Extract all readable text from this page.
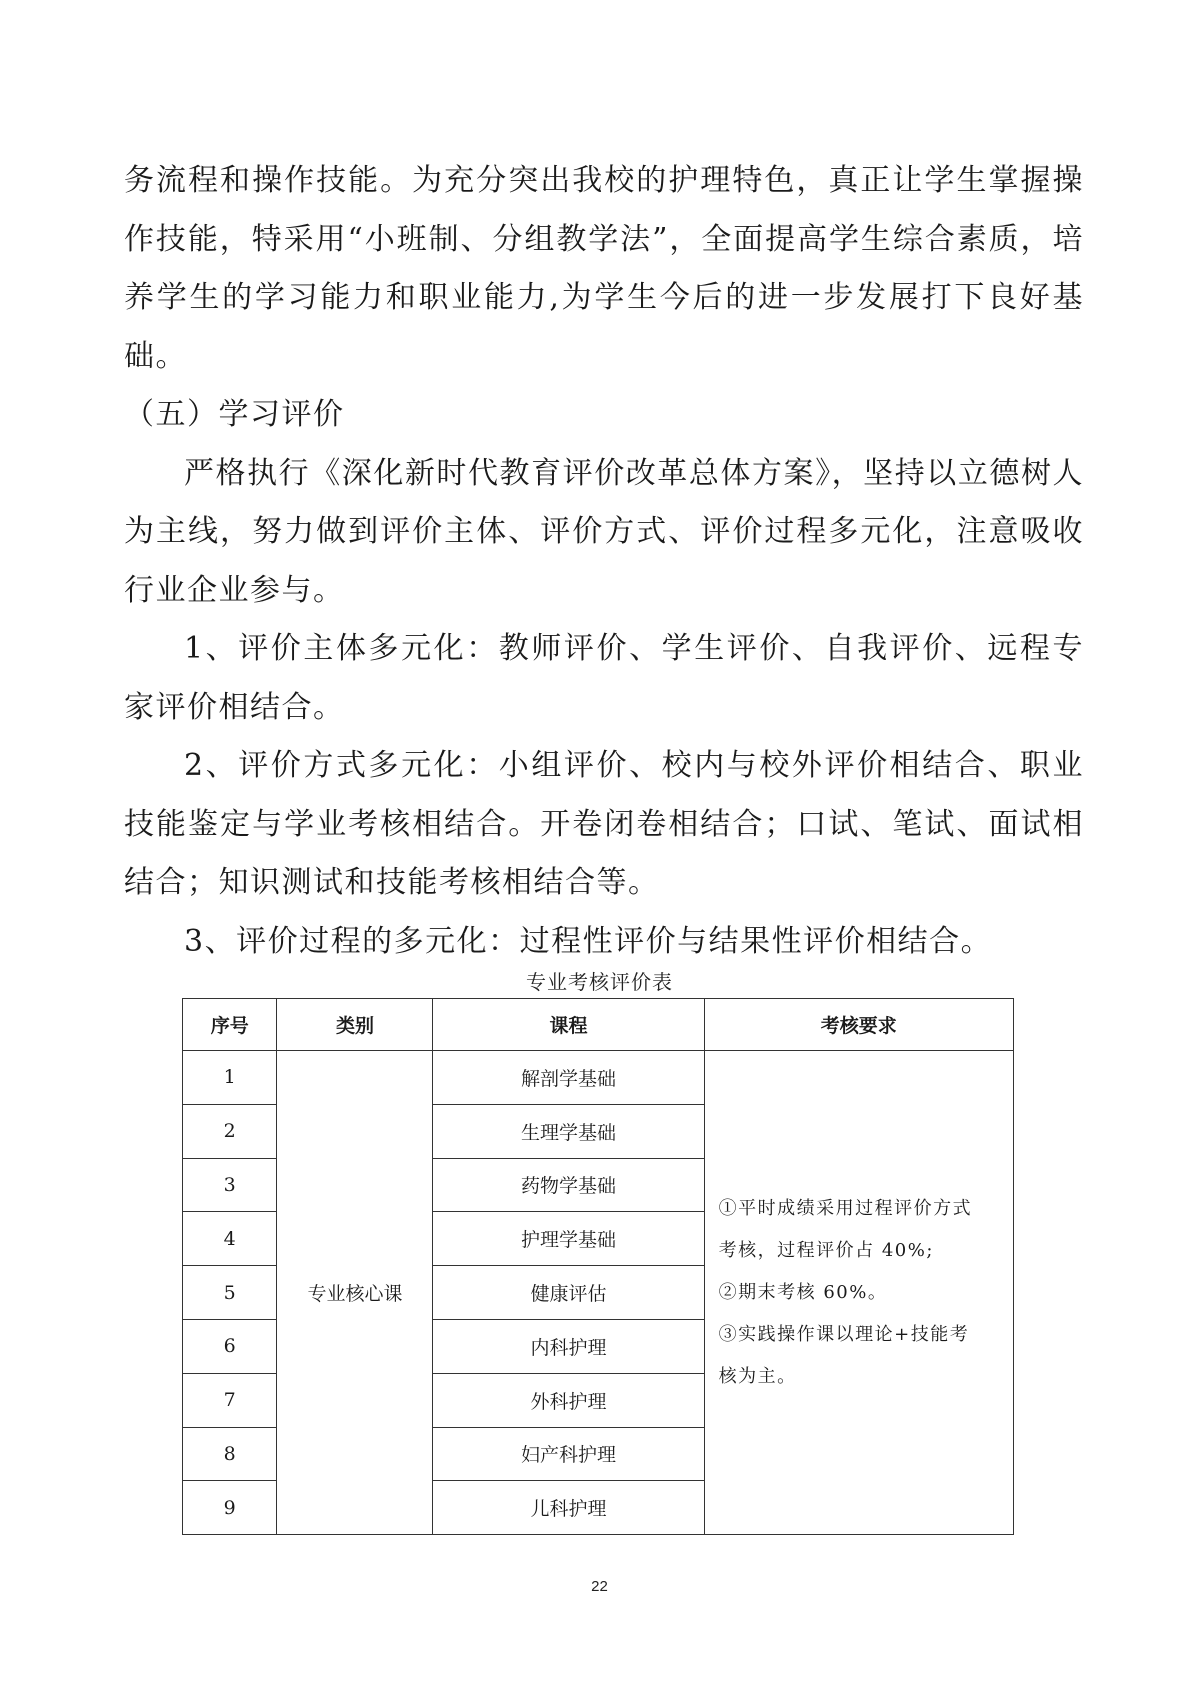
务流程和操作技能。为充分突出我校的护理特色，真正让学生掌握操作技能，特采用“小班制、分组教学法”，全面提高学生综合素质，培养学生的学习能力和职业能力,为学生今后的进一步发展打下良好基础。

（五）学习评价

严格执行《深化新时代教育评价改革总体方案》，坚持以立德树人为主线，努力做到评价主体、评价方式、评价过程多元化，注意吸收行业企业参与。

1、评价主体多元化：教师评价、学生评价、自我评价、远程专家评价相结合。

2、评价方式多元化：小组评价、校内与校外评价相结合、职业技能鉴定与学业考核相结合。开卷闭卷相结合；口试、笔试、面试相结合；知识测试和技能考核相结合等。

3、评价过程的多元化：过程性评价与结果性评价相结合。

专业考核评价表
序号	类别	课程	考核要求
1	专业核心课	解剖学基础	①平时成绩采用过程评价方式
考核，过程评价占 40%;
②期末考核 60%。
③实践操作课以理论+技能考
核为主。

2		生理学基础	
3		药物学基础	
4		护理学基础	
5		健康评估	
6		内科护理	
7		外科护理	
8		妇产科护理	
9		儿科护理	
22
